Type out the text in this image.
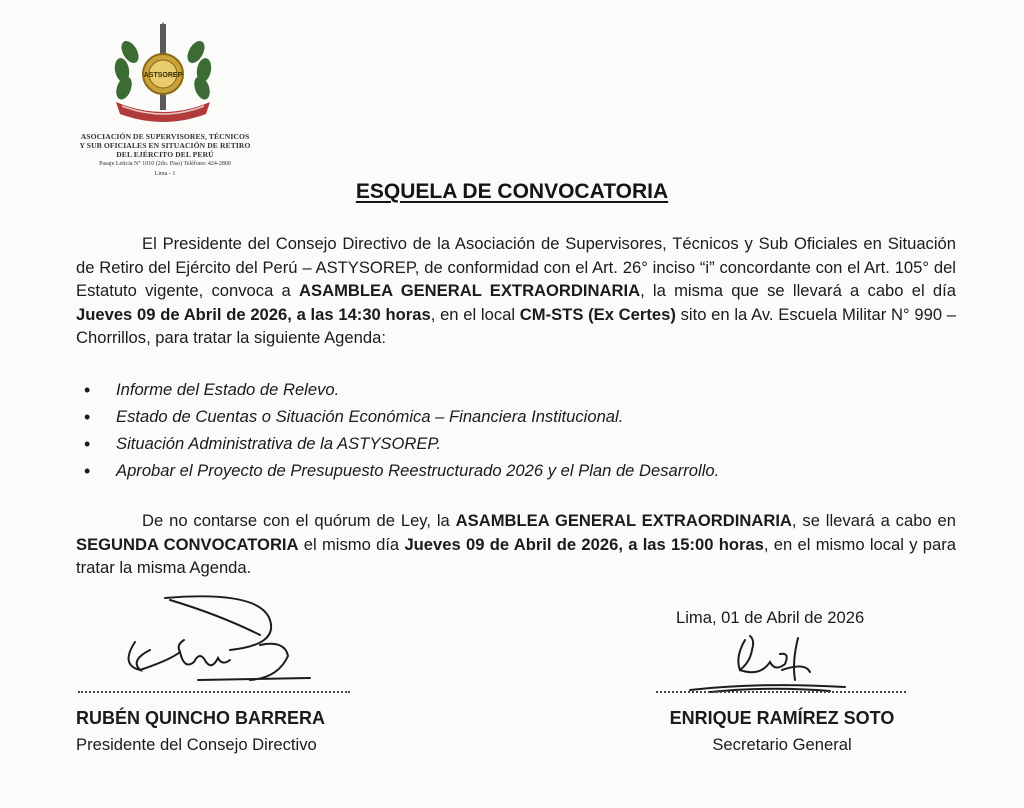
ASTSOREP
ASOCIACIÓN DE SUPERVISORES, TÉCNICOS
Y SUB OFICIALES EN SITUACIÓN DE RETIRO
DEL EJÉRCITO DEL PERÚ
Pasaje Leticia N° 1010 (2do. Piso) Teléfono: 424-2800
Lima - 1
ESQUELA DE CONVOCATORIA
El Presidente del Consejo Directivo de la Asociación de Supervisores, Técnicos y Sub Oficiales en Situación de Retiro del Ejército del Perú – ASTYSOREP, de conformidad con el Art. 26° inciso “i” concordante con el Art. 105° del Estatuto vigente, convoca a ASAMBLEA GENERAL EXTRAORDINARIA, la misma que se llevará a cabo el día Jueves 09 de Abril de 2026, a las 14:30 horas, en el local CM-STS (Ex Certes) sito en la Av. Escuela Militar N° 990 – Chorrillos, para tratar la siguiente Agenda:
• Informe del Estado de Relevo.
• Estado de Cuentas o Situación Económica – Financiera Institucional.
• Situación Administrativa de la ASTYSOREP.
• Aprobar el Proyecto de Presupuesto Reestructurado 2026 y el Plan de Desarrollo.
De no contarse con el quórum de Ley, la ASAMBLEA GENERAL EXTRAORDINARIA, se llevará a cabo en SEGUNDA CONVOCATORIA el mismo día Jueves 09 de Abril de 2026, a las 15:00 horas, en el mismo local y para tratar la misma Agenda.
Lima, 01 de Abril de 2026
RUBÉN QUINCHO BARRERA
Presidente del Consejo Directivo
ENRIQUE RAMÍREZ SOTO
Secretario General
